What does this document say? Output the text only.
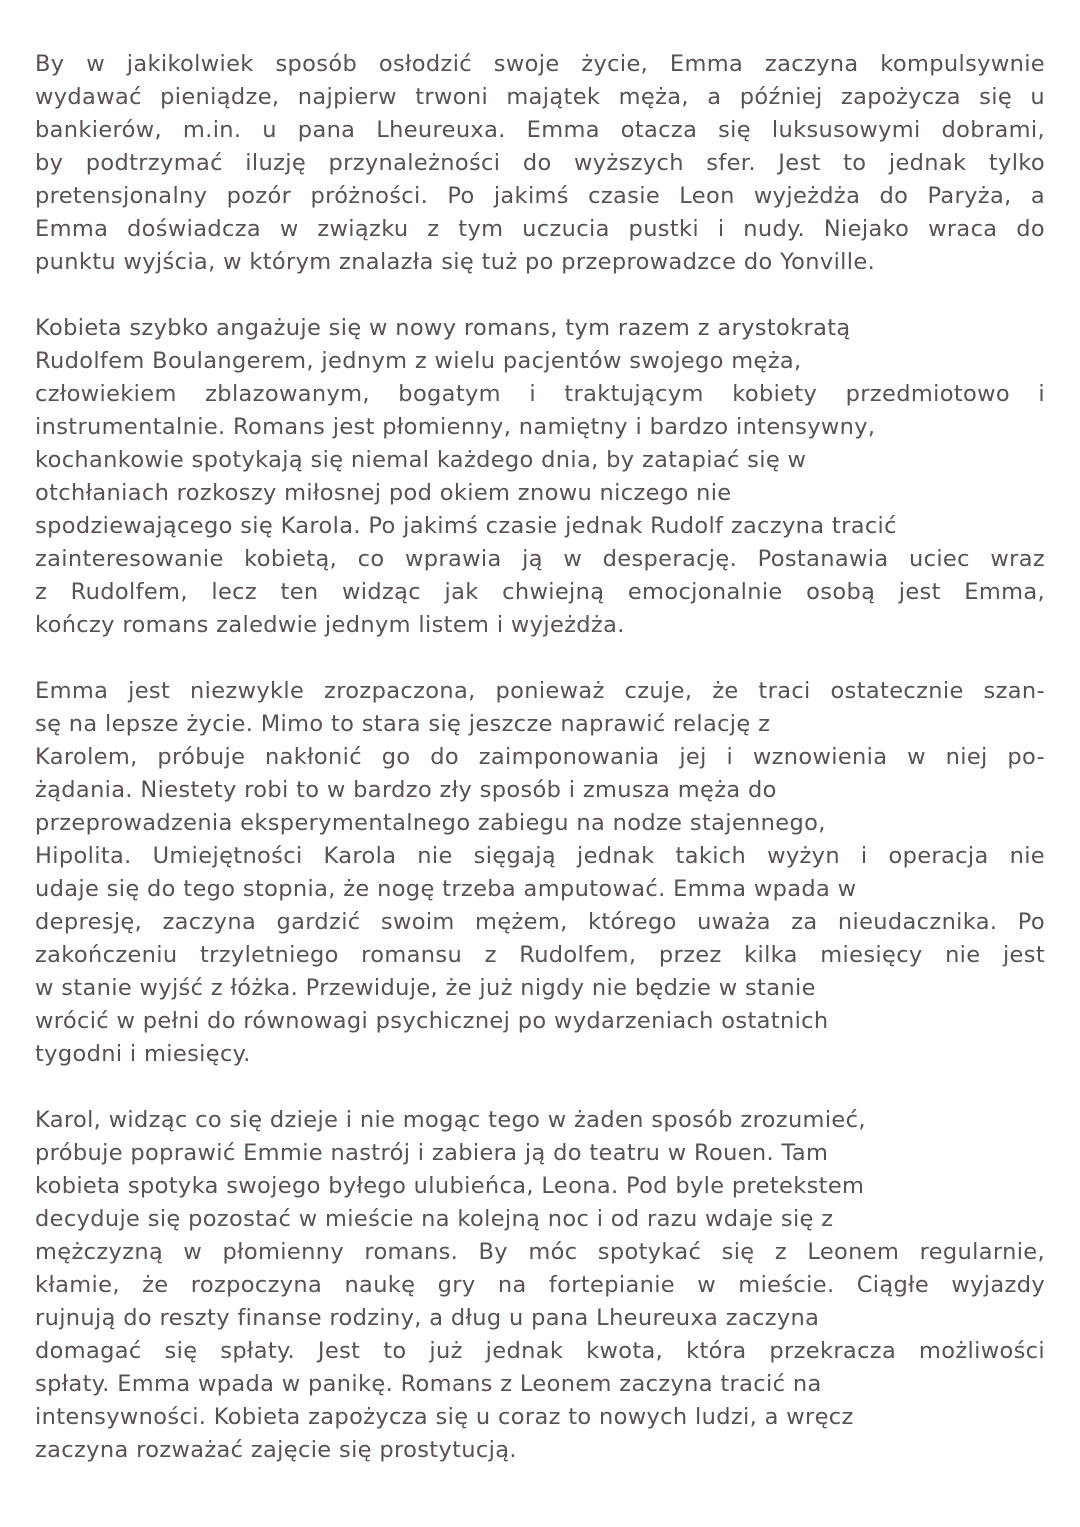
By w jakikolwiek sposób osłodzić swoje życie, Emma zaczyna kompulsywnie
wydawać pieniądze, najpierw trwoni majątek męża, a później zapożycza się u
bankierów, m.in. u pana Lheureuxa. Emma otacza się luksusowymi dobrami,
by podtrzymać iluzję przynależności do wyższych sfer. Jest to jednak tylko
pretensjonalny pozór próżności. Po jakimś czasie Leon wyjeżdża do Paryża, a
Emma doświadcza w związku z tym uczucia pustki i nudy. Niejako wraca do
punktu wyjścia, w którym znalazła się tuż po przeprowadzce do Yonville.
Kobieta szybko angażuje się w nowy romans, tym razem z arystokratą
Rudolfem Boulangerem, jednym z wielu pacjentów swojego męża,
człowiekiem zblazowanym, bogatym i traktującym kobiety przedmiotowo i
instrumentalnie. Romans jest płomienny, namiętny i bardzo intensywny,
kochankowie spotykają się niemal każdego dnia, by zatapiać się w
otchłaniach rozkoszy miłosnej pod okiem znowu niczego nie
spodziewającego się Karola. Po jakimś czasie jednak Rudolf zaczyna tracić
zainteresowanie kobietą, co wprawia ją w desperację. Postanawia uciec wraz
z Rudolfem, lecz ten widząc jak chwiejną emocjonalnie osobą jest Emma,
kończy romans zaledwie jednym listem i wyjeżdża.
Emma jest niezwykle zrozpaczona, ponieważ czuje, że traci ostatecznie szan-
sę na lepsze życie. Mimo to stara się jeszcze naprawić relację z
Karolem, próbuje nakłonić go do zaimponowania jej i wznowienia w niej po-
żądania. Niestety robi to w bardzo zły sposób i zmusza męża do
przeprowadzenia eksperymentalnego zabiegu na nodze stajennego,
Hipolita. Umiejętności Karola nie sięgają jednak takich wyżyn i operacja nie
udaje się do tego stopnia, że nogę trzeba amputować. Emma wpada w
depresję, zaczyna gardzić swoim mężem, którego uważa za nieudacznika. Po
zakończeniu trzyletniego romansu z Rudolfem, przez kilka miesięcy nie jest
w stanie wyjść z łóżka. Przewiduje, że już nigdy nie będzie w stanie
wrócić w pełni do równowagi psychicznej po wydarzeniach ostatnich
tygodni i miesięcy.
Karol, widząc co się dzieje i nie mogąc tego w żaden sposób zrozumieć,
próbuje poprawić Emmie nastrój i zabiera ją do teatru w Rouen. Tam
kobieta spotyka swojego byłego ulubieńca, Leona. Pod byle pretekstem
decyduje się pozostać w mieście na kolejną noc i od razu wdaje się z
mężczyzną w płomienny romans. By móc spotykać się z Leonem regularnie,
kłamie, że rozpoczyna naukę gry na fortepianie w mieście. Ciągłe wyjazdy
rujnują do reszty finanse rodziny, a dług u pana Lheureuxa zaczyna
domagać się spłaty. Jest to już jednak kwota, która przekracza możliwości
spłaty. Emma wpada w panikę. Romans z Leonem zaczyna tracić na
intensywności. Kobieta zapożycza się u coraz to nowych ludzi, a wręcz
zaczyna rozważać zajęcie się prostytucją.
